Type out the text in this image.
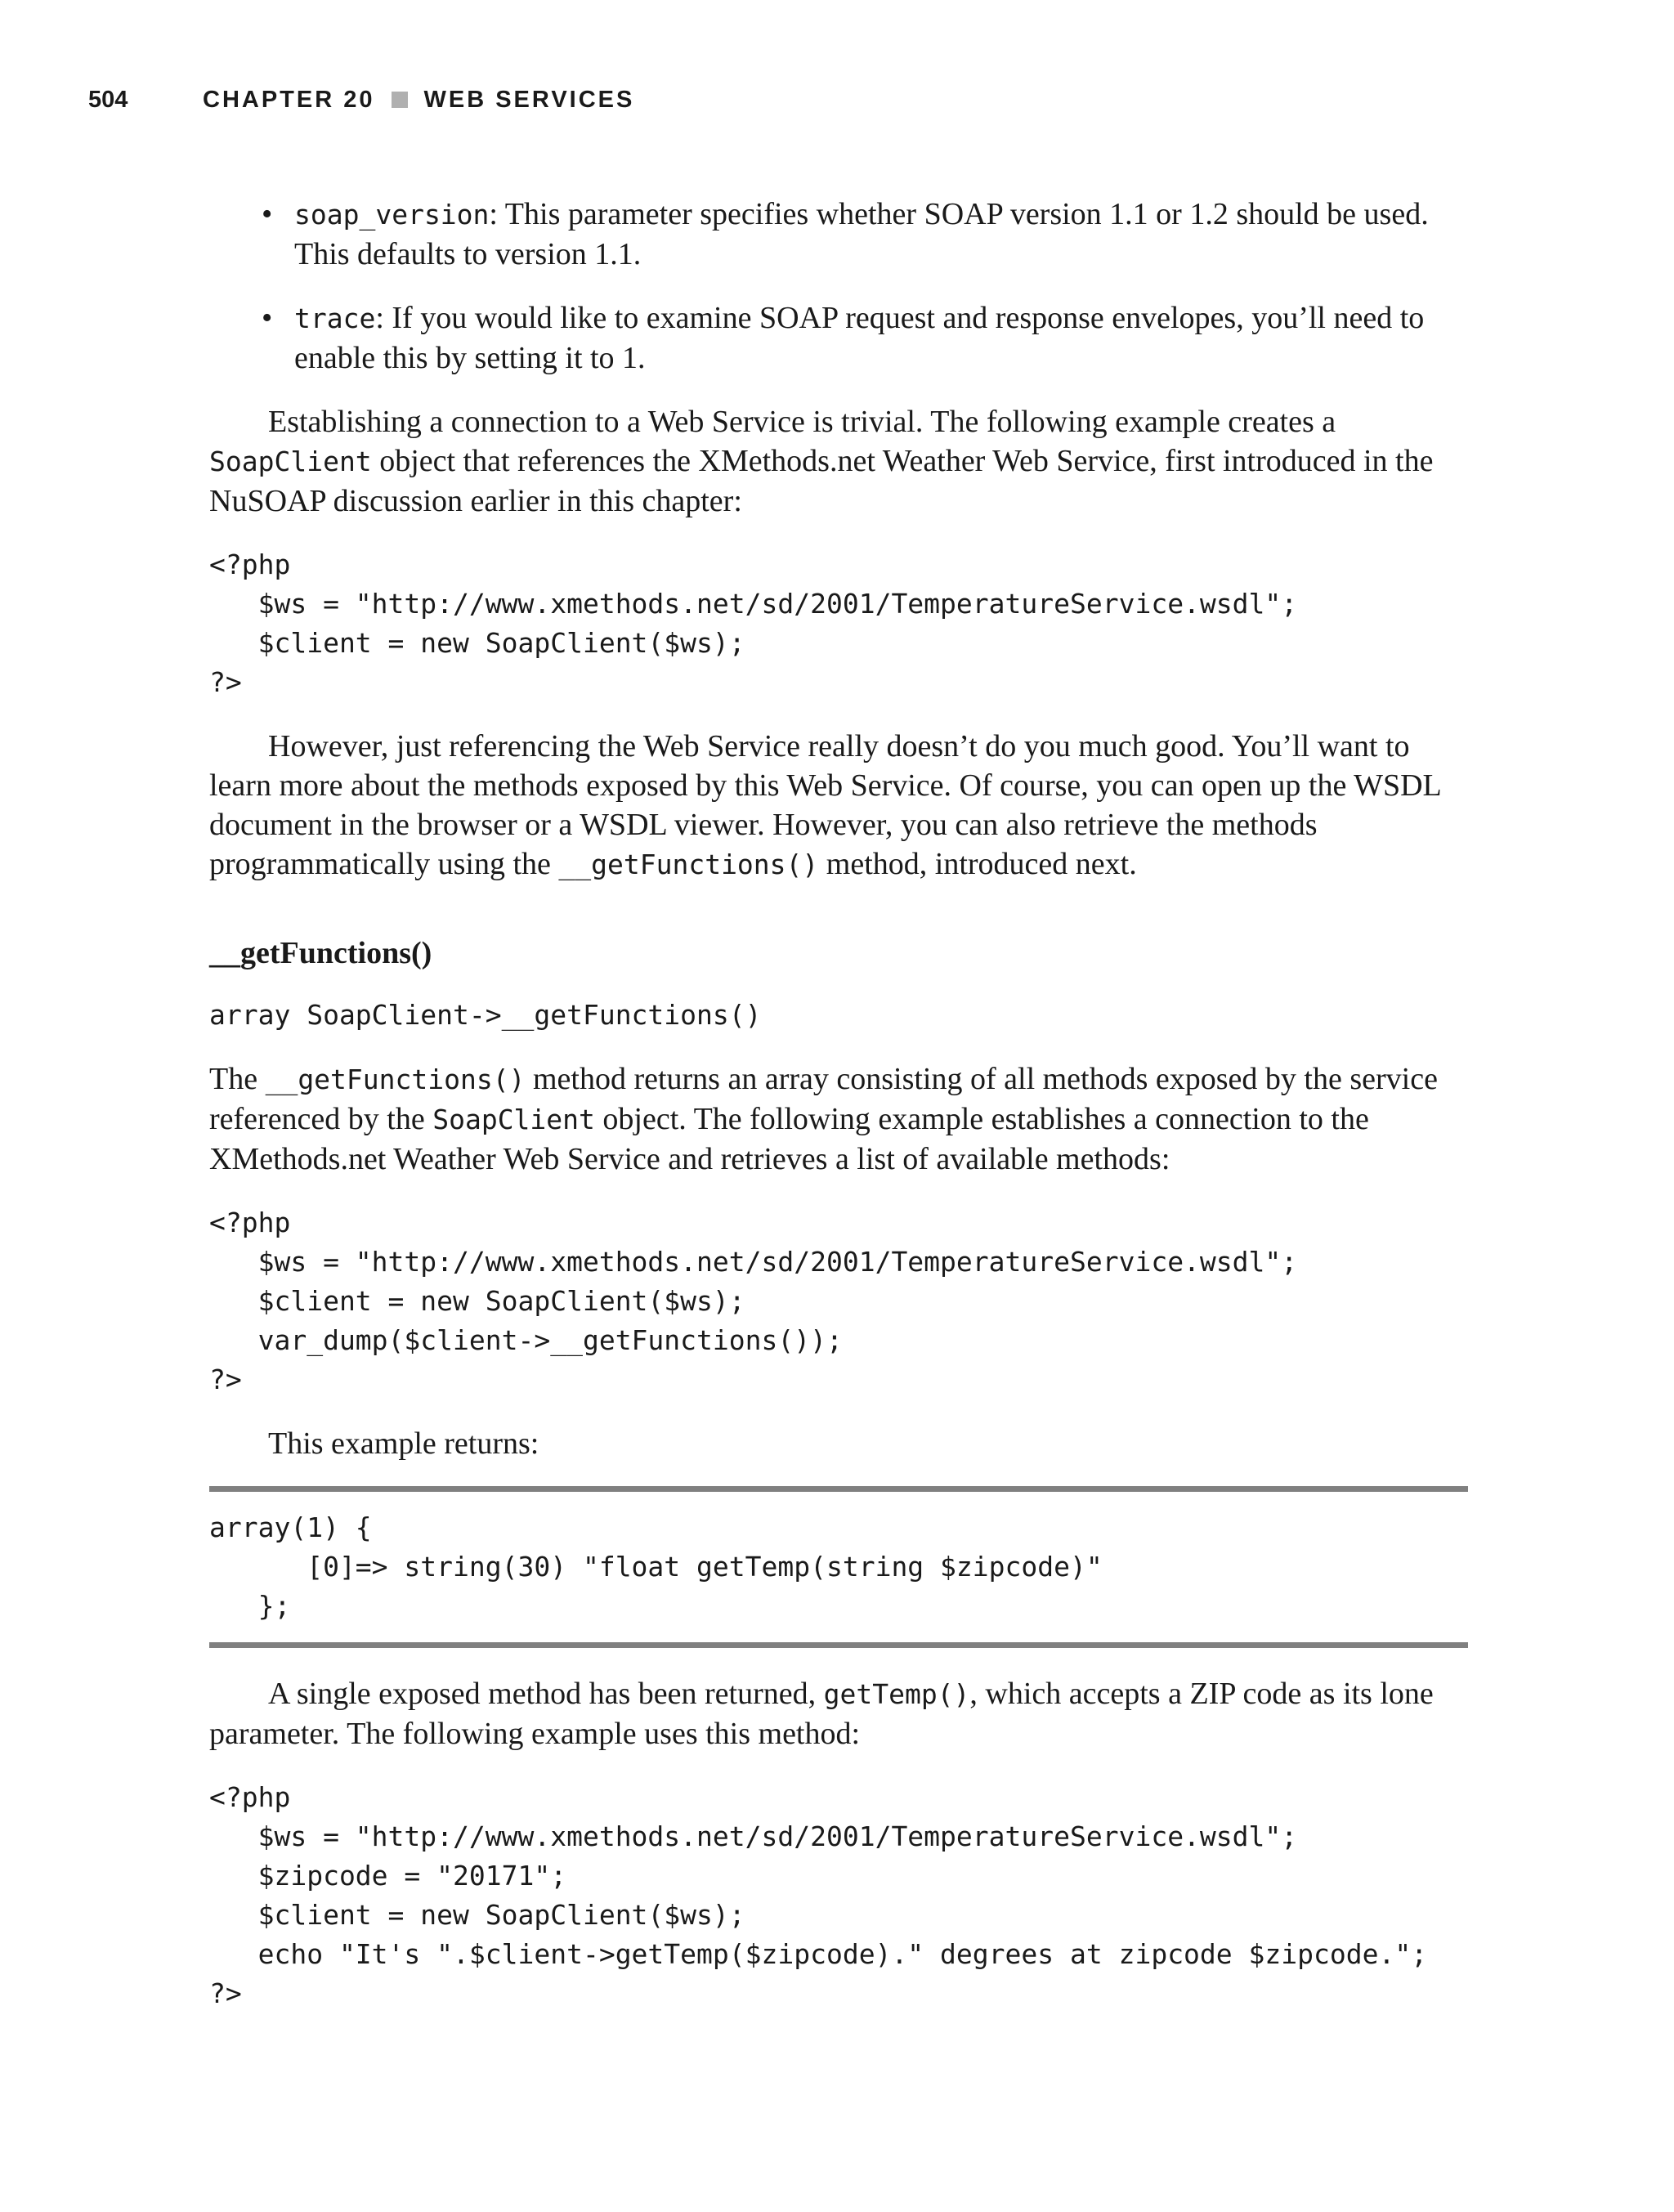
504	CHAPTER 20 WEB SERVICES
• soap_version: This parameter specifies whether SOAP version 1.1 or 1.2 should be used. This defaults to version 1.1.
• trace: If you would like to examine SOAP request and response envelopes, you’ll need to enable this by setting it to 1.

Establishing a connection to a Web Service is trivial. The following example creates a SoapClient object that references the XMethods.net Weather Web Service, first introduced in the NuSOAP discussion earlier in this chapter:

<?php
$ws = "http://www.xmethods.net/sd/2001/TemperatureService.wsdl";
$client = new SoapClient($ws);
?>

However, just referencing the Web Service really doesn’t do you much good. You’ll want to learn more about the methods exposed by this Web Service. Of course, you can open up the WSDL document in the browser or a WSDL viewer. However, you can also retrieve the methods programmatically using the __getFunctions() method, introduced next.

__getFunctions()
array SoapClient->__getFunctions()

The __getFunctions() method returns an array consisting of all methods exposed by the service referenced by the SoapClient object. The following example establishes a connection to the XMethods.net Weather Web Service and retrieves a list of available methods:

<?php
$ws = "http://www.xmethods.net/sd/2001/TemperatureService.wsdl";
$client = new SoapClient($ws);
var_dump($client->__getFunctions());
?>

This example returns:

array(1) {
[0]=> string(30) "float getTemp(string $zipcode)"
};

A single exposed method has been returned, getTemp(), which accepts a ZIP code as its lone parameter. The following example uses this method:

<?php
$ws = "http://www.xmethods.net/sd/2001/TemperatureService.wsdl";
$zipcode = "20171";
$client = new SoapClient($ws);
echo "It's ".$client->getTemp($zipcode)." degrees at zipcode $zipcode.";
?>
